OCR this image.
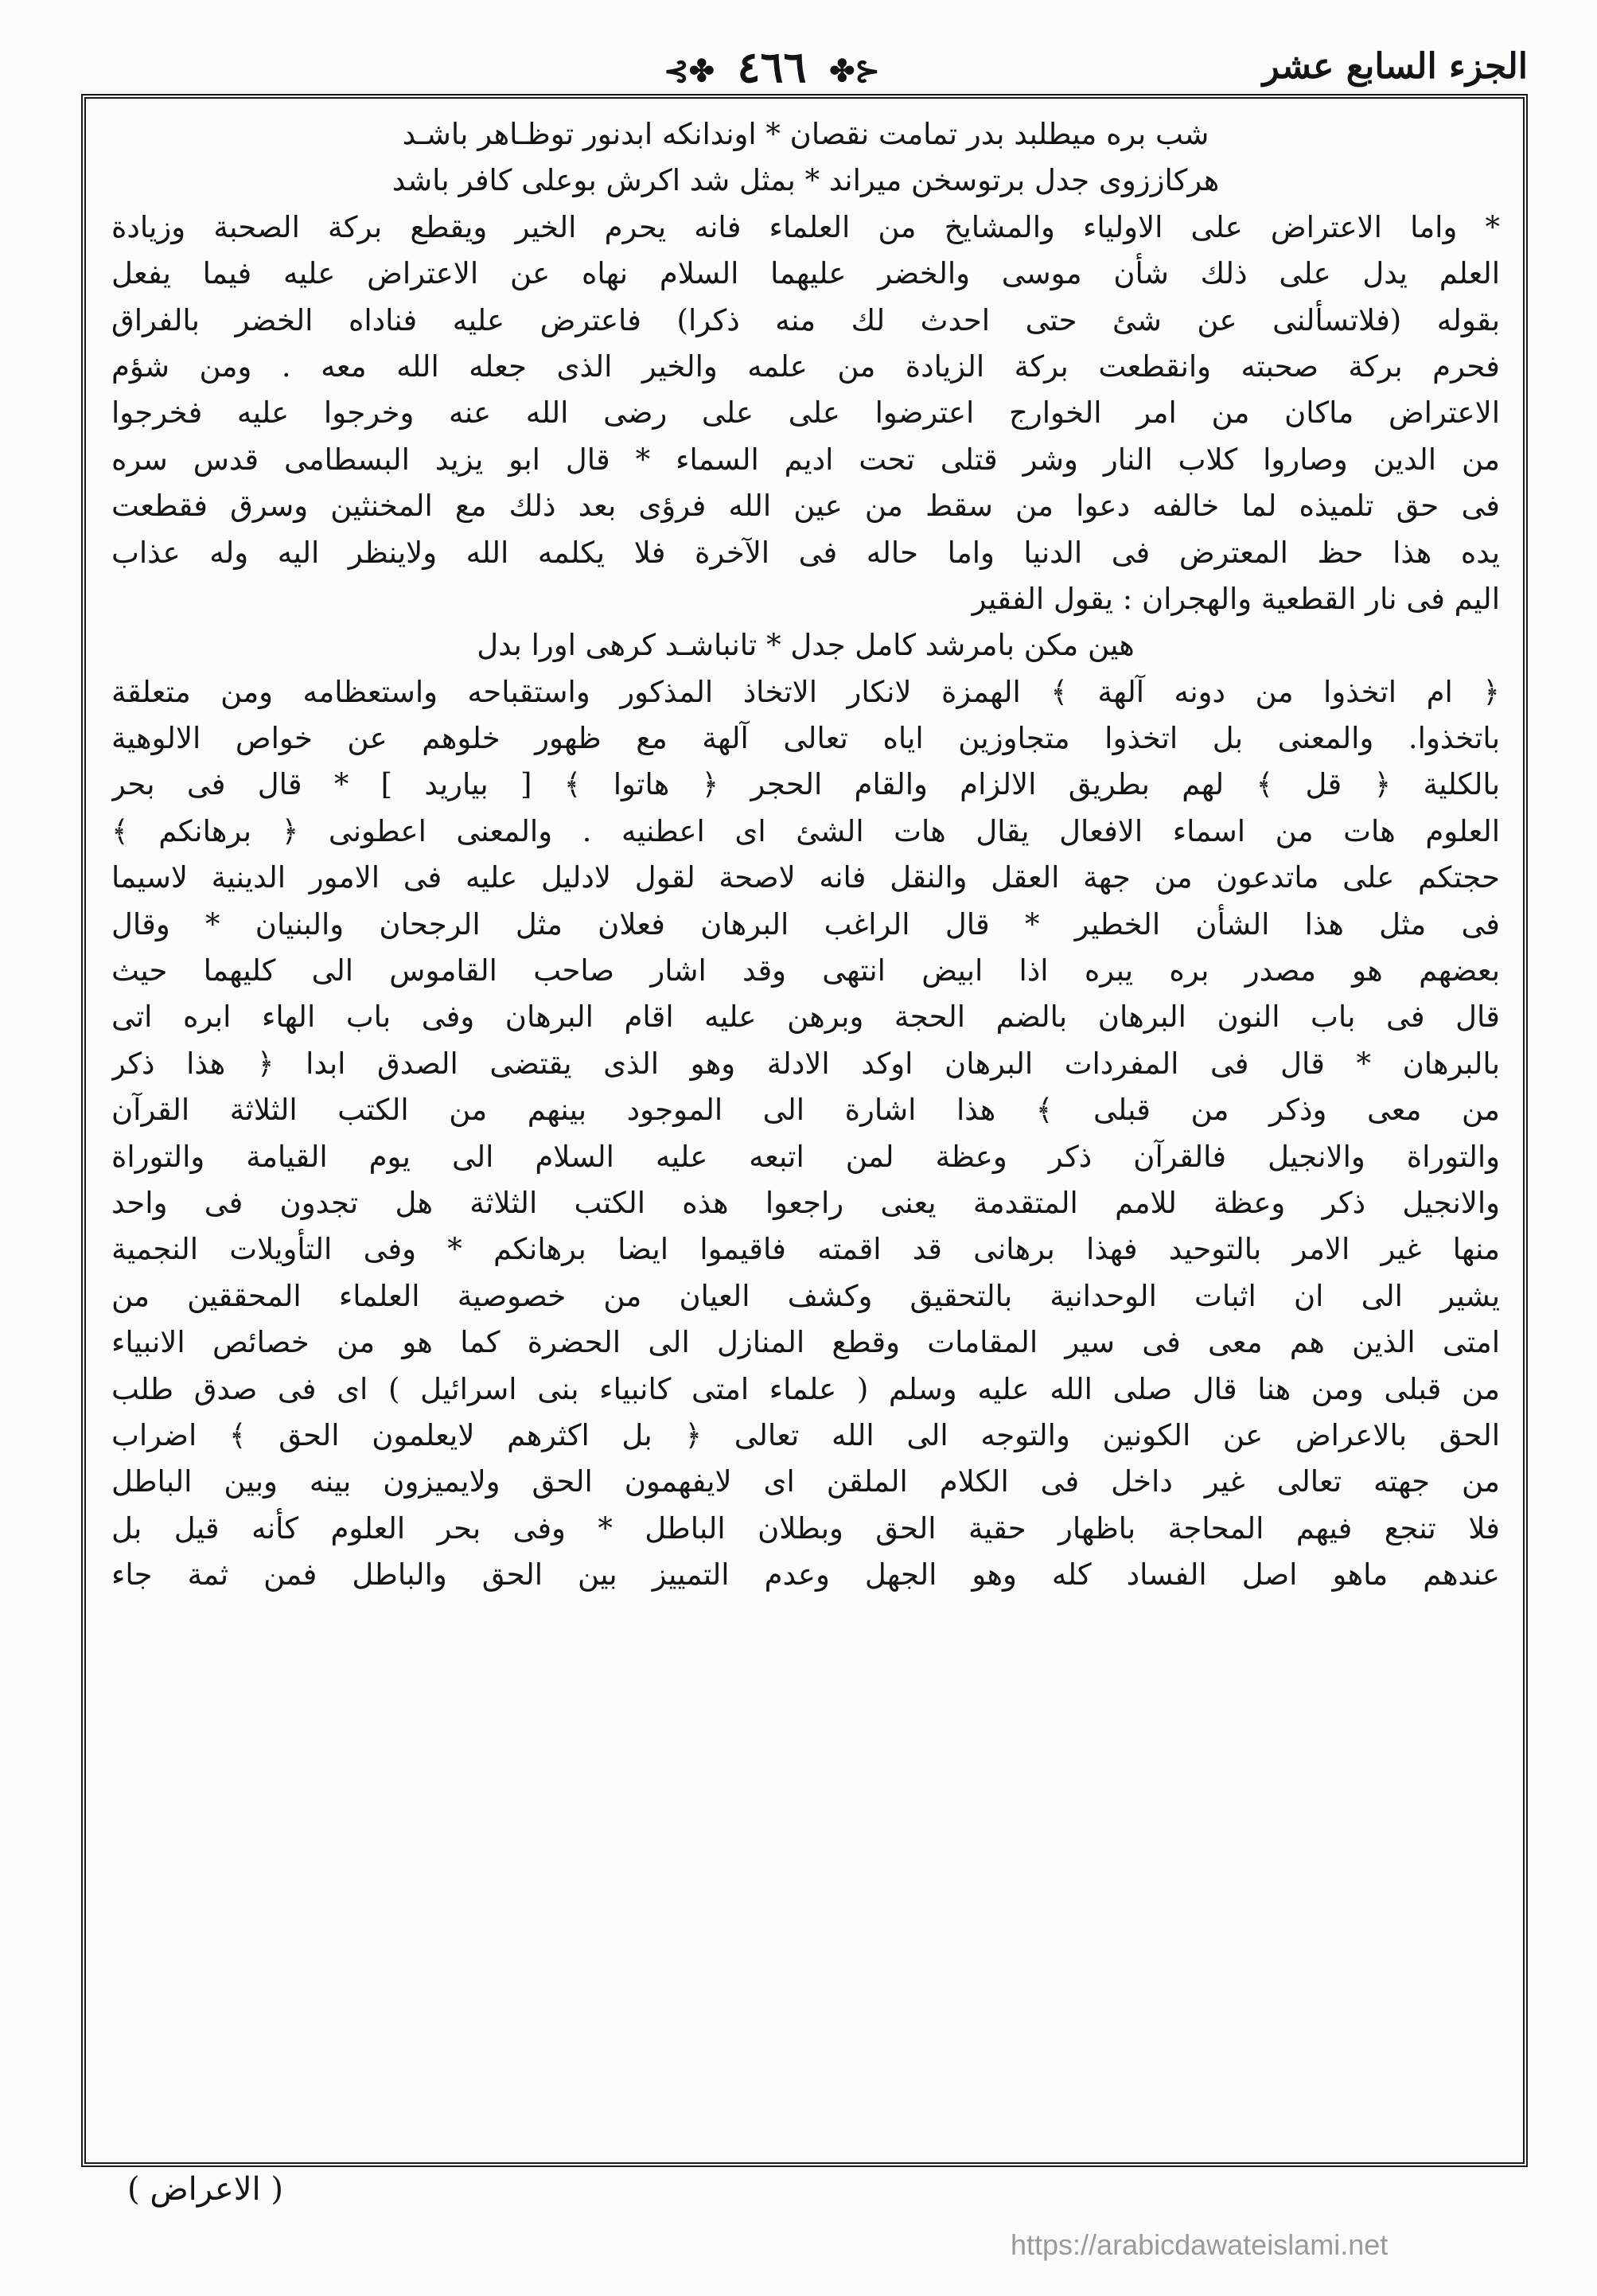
⊰✤ ٤٦٦ ✤⊱	الجزء السابع عشر
شب بره ميطلبد بدر تمامت نقصان * اوندانكه ابدنور توظـاهر باشـد
هركاززوى جدل برتوسخن ميراند * بمثل شد اكرش بوعلى كافر باشد
* واما الاعتراض على الاولياء والمشايخ من العلماء فانه يحرم الخير ويقطع بركة الصحبة وزيادة
العلم يدل على ذلك شأن موسى والخضر عليهما السلام نهاه عن الاعتراض عليه فيما يفعل
بقوله (فلاتسألنى عن شئ حتى احدث لك منه ذكرا) فاعترض عليه فناداه الخضر بالفراق
فحرم بركة صحبته وانقطعت بركة الزيادة من علمه والخير الذى جعله الله معه . ومن شؤم
الاعتراض ماكان من امر الخوارج اعترضوا على على رضى الله عنه وخرجوا عليه فخرجوا
من الدين وصاروا كلاب النار وشر قتلى تحت اديم السماء * قال ابو يزيد البسطامى قدس سره
فى حق تلميذه لما خالفه دعوا من سقط من عين الله فرؤى بعد ذلك مع المخنثين وسرق فقطعت
يده هذا حظ المعترض فى الدنيا واما حاله فى الآخرة فلا يكلمه الله ولاينظر اليه وله عذاب
اليم فى نار القطعية والهجران : يقول الفقير
هين مكن بامرشد كامل جدل * تانباشـد كرهى اورا بدل
﴿ ام اتخذوا من دونه آلهة ﴾ الهمزة لانكار الاتخاذ المذكور واستقباحه واستعظامه ومن متعلقة
باتخذوا. والمعنى بل اتخذوا متجاوزين اياه تعالى آلهة مع ظهور خلوهم عن خواص الالوهية
بالكلية ﴿ قل ﴾ لهم بطريق الالزام والقام الحجر ﴿ هاتوا ﴾ [ بياريد ] * قال فى بحر
العلوم هات من اسماء الافعال يقال هات الشئ اى اعطنيه . والمعنى اعطونى ﴿ برهانكم ﴾
حجتكم على ماتدعون من جهة العقل والنقل فانه لاصحة لقول لادليل عليه فى الامور الدينية لاسيما
فى مثل هذا الشأن الخطير * قال الراغب البرهان فعلان مثل الرجحان والبنيان * وقال
بعضهم هو مصدر بره يبره اذا ابيض انتهى وقد اشار صاحب القاموس الى كليهما حيث
قال فى باب النون البرهان بالضم الحجة وبرهن عليه اقام البرهان وفى باب الهاء ابره اتى
بالبرهان * قال فى المفردات البرهان اوكد الادلة وهو الذى يقتضى الصدق ابدا ﴿ هذا ذكر
من معى وذكر من قبلى ﴾ هذا اشارة الى الموجود بينهم من الكتب الثلاثة القرآن
والتوراة والانجيل فالقرآن ذكر وعظة لمن اتبعه عليه السلام الى يوم القيامة والتوراة
والانجيل ذكر وعظة للامم المتقدمة يعنى راجعوا هذه الكتب الثلاثة هل تجدون فى واحد
منها غير الامر بالتوحيد فهذا برهانى قد اقمته فاقيموا ايضا برهانكم * وفى التأويلات النجمية
يشير الى ان اثبات الوحدانية بالتحقيق وكشف العيان من خصوصية العلماء المحققين من
امتى الذين هم معى فى سير المقامات وقطع المنازل الى الحضرة كما هو من خصائص الانبياء
من قبلى ومن هنا قال صلى الله عليه وسلم ( علماء امتى كانبياء بنى اسرائيل ) اى فى صدق طلب
الحق بالاعراض عن الكونين والتوجه الى الله تعالى ﴿ بل اكثرهم لايعلمون الحق ﴾ اضراب
من جهته تعالى غير داخل فى الكلام الملقن اى لايفهمون الحق ولايميزون بينه وبين الباطل
فلا تنجع فيهم المحاجة باظهار حقية الحق وبطلان الباطل * وفى بحر العلوم كأنه قيل بل
عندهم ماهو اصل الفساد كله وهو الجهل وعدم التمييز بين الحق والباطل فمن ثمة جاء
( الاعراض )
https://arabicdawateislami.net
